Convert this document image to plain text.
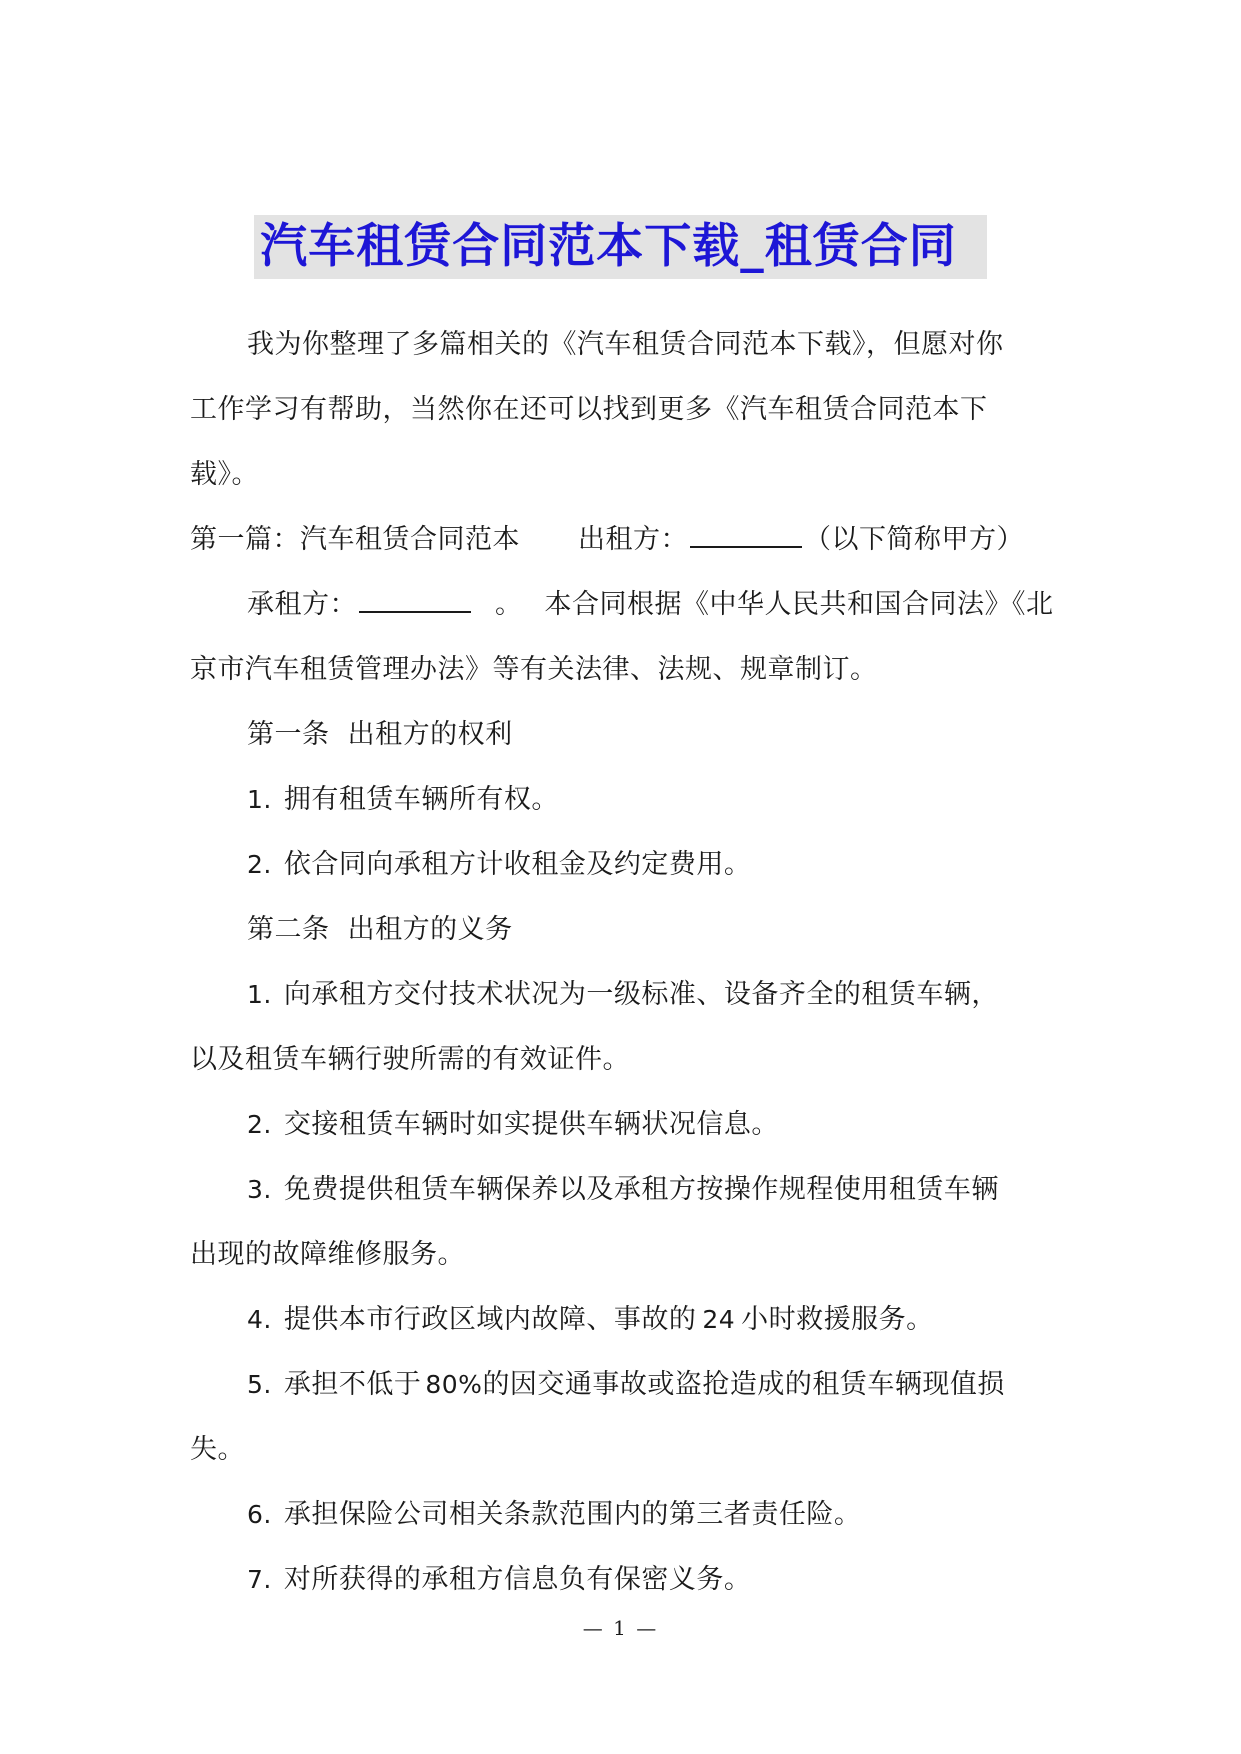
汽车租赁合同范本下载_租赁合同

我为你整理了多篇相关的《汽车租赁合同范本下载》，但愿对你

工作学习有帮助，当然你在还可以找到更多《汽车租赁合同范本下

载》。

第一篇：汽车租赁合同范本 出租方：	（以下简称甲方）

承租方：	。 本合同根据《中华人民共和国合同法》《北

京市汽车租赁管理办法》等有关法律、法规、规章制订。

第一条 出租方的权利

1. 拥有租赁车辆所有权。

2. 依合同向承租方计收租金及约定费用。

第二条 出租方的义务

1. 向承租方交付技术状况为一级标准、设备齐全的租赁车辆，

以及租赁车辆行驶所需的有效证件。

2. 交接租赁车辆时如实提供车辆状况信息。

3. 免费提供租赁车辆保养以及承租方按操作规程使用租赁车辆

出现的故障维修服务。

4. 提供本市行政区域内故障、事故的 24 小时救援服务。

5. 承担不低于 80%的因交通事故或盗抢造成的租赁车辆现值损

失。

6. 承担保险公司相关条款范围内的第三者责任险。

7. 对所获得的承租方信息负有保密义务。

— 1 —
